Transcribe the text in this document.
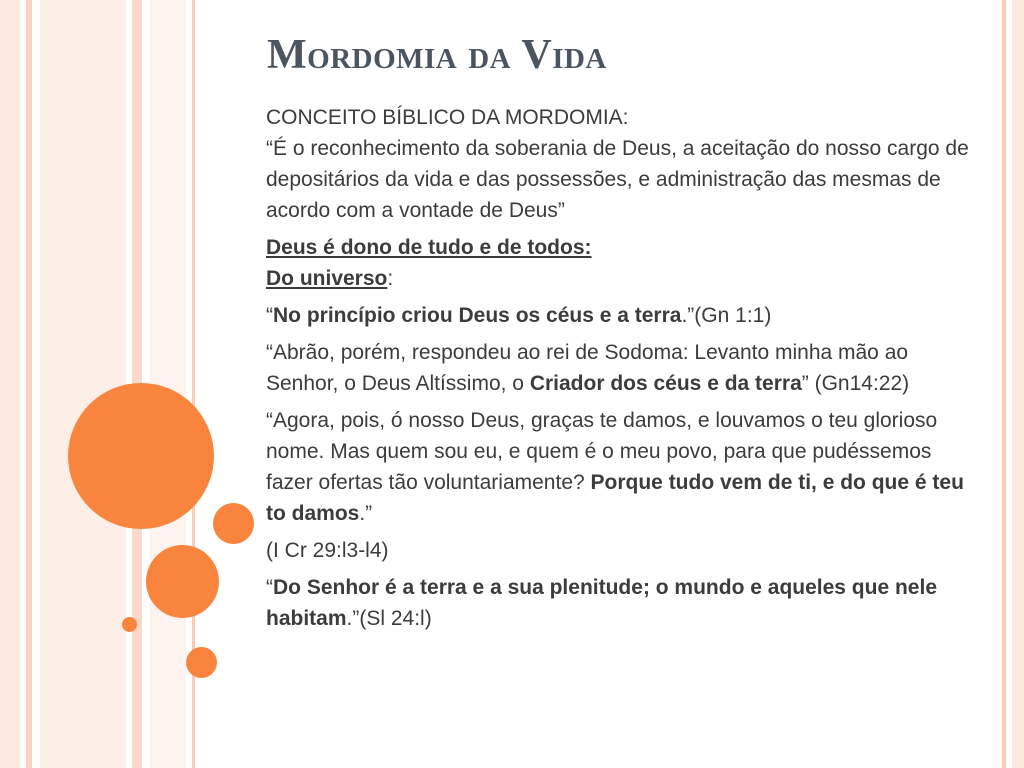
Mordomia da Vida

CONCEITO BÍBLICO DA MORDOMIA:
“É o reconhecimento da soberania de Deus, a aceitação do nosso cargo de depositários da vida e das possessões, e administração das mesmas de acordo com a vontade de Deus”

Deus é dono de tudo e de todos:
Do universo:

“No princípio criou Deus os céus e a terra.”(Gn 1:1)

“Abrão, porém, respondeu ao rei de Sodoma: Levanto minha mão ao Senhor, o Deus Altíssimo, o Criador dos céus e da terra” (Gn14:22)

“Agora, pois, ó nosso Deus, graças te damos, e louvamos o teu glorioso nome. Mas quem sou eu, e quem é o meu povo, para que pudéssemos fazer ofertas tão voluntariamente? Porque tudo vem de ti, e do que é teu to damos.”

(I Cr 29:l3-l4)

“Do Senhor é a terra e a sua plenitude; o mundo e aqueles que nele habitam.”(Sl 24:l)
